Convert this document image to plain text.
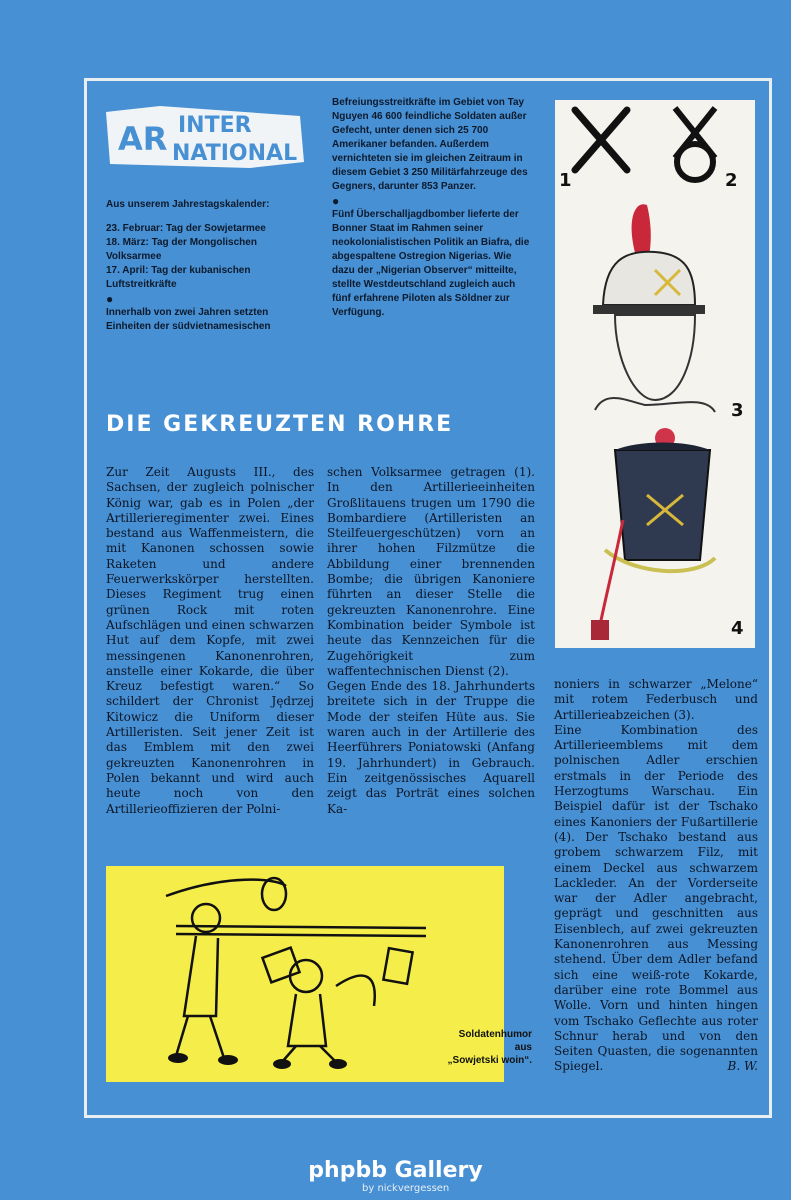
AR INTER
NATIONAL

Aus unserem Jahrestagskalender:

23. Februar: Tag der Sowjetarmee

18. März: Tag der Mongolischen Volksarmee

17. April: Tag der kubanischen Luftstreitkräfte

●

Innerhalb von zwei Jahren setzten Einheiten der südvietnamesischen

Befreiungsstreitkräfte im Gebiet von Tay Nguyen 46 600 feindliche Soldaten außer Gefecht, unter denen sich 25 700 Amerikaner befanden. Außerdem vernichteten sie im gleichen Zeitraum in diesem Gebiet 3 250 Militärfahrzeuge des Gegners, darunter 853 Panzer.

●

Fünf Überschalljagdbomber lieferte der Bonner Staat im Rahmen seiner neokolonialistischen Politik an Biafra, die abgespaltene Ostregion Nigerias. Wie dazu der „Nigerian Observer“ mitteilte, stellte Westdeutschland zugleich auch fünf erfahrene Piloten als Söldner zur Verfügung.

1	2
3
4
DIE GEKREUZTEN ROHRE

Zur Zeit Augusts III., des Sachsen, der zugleich polnischer König war, gab es in Polen „der Artillerieregimenter zwei. Eines bestand aus Waffenmeistern, die mit Kanonen schossen sowie Raketen und andere Feuerwerkskörper herstellten. Dieses Regiment trug einen grünen Rock mit roten Aufschlägen und einen schwarzen Hut auf dem Kopfe, mit zwei messingenen Kanonenrohren, anstelle einer Kokarde, die über Kreuz befestigt waren.“ So schildert der Chronist Jędrzej Kitowicz die Uniform dieser Artilleristen. Seit jener Zeit ist das Emblem mit den zwei gekreuzten Kanonenrohren in Polen bekannt und wird auch heute noch von den Artillerieoffizieren der Polni-

schen Volksarmee getragen (1). In den Artillerieeinheiten Großlitauens trugen um 1790 die Bombardiere (Artilleristen an Steilfeuergeschützen) vorn an ihrer hohen Filzmütze die Abbildung einer brennenden Bombe; die übrigen Kanoniere führten an dieser Stelle die gekreuzten Kanonenrohre. Eine Kombination beider Symbole ist heute das Kennzeichen für die Zugehörigkeit zum waffentechnischen Dienst (2).

Gegen Ende des 18. Jahrhunderts breitete sich in der Truppe die Mode der steifen Hüte aus. Sie waren auch in der Artillerie des Heerführers Poniatowski (Anfang 19. Jahrhundert) in Gebrauch. Ein zeitgenössisches Aquarell zeigt das Porträt eines solchen Ka-

noniers in schwarzer „Melone“ mit rotem Federbusch und Artillerieabzeichen (3).

Eine Kombination des Artillerieemblems mit dem polnischen Adler erschien erstmals in der Periode des Herzogtums Warschau. Ein Beispiel dafür ist der Tschako eines Kanoniers der Fußartillerie (4). Der Tschako bestand aus grobem schwarzem Filz, mit einem Deckel aus schwarzem Lackleder. An der Vorderseite war der Adler angebracht, geprägt und geschnitten aus Eisenblech, auf zwei gekreuzten Kanonenrohren aus Messing stehend. Über dem Adler befand sich eine weiß-rote Kokarde, darüber eine rote Bommel aus Wolle. Vorn und hinten hingen vom Tschako Geflechte aus roter Schnur herab und von den Seiten Quasten, die sogenannten Spiegel.	B. W.

Soldatenhumor
aus
„Sowjetski woin“.
phpbb Gallery
by nickvergessen
